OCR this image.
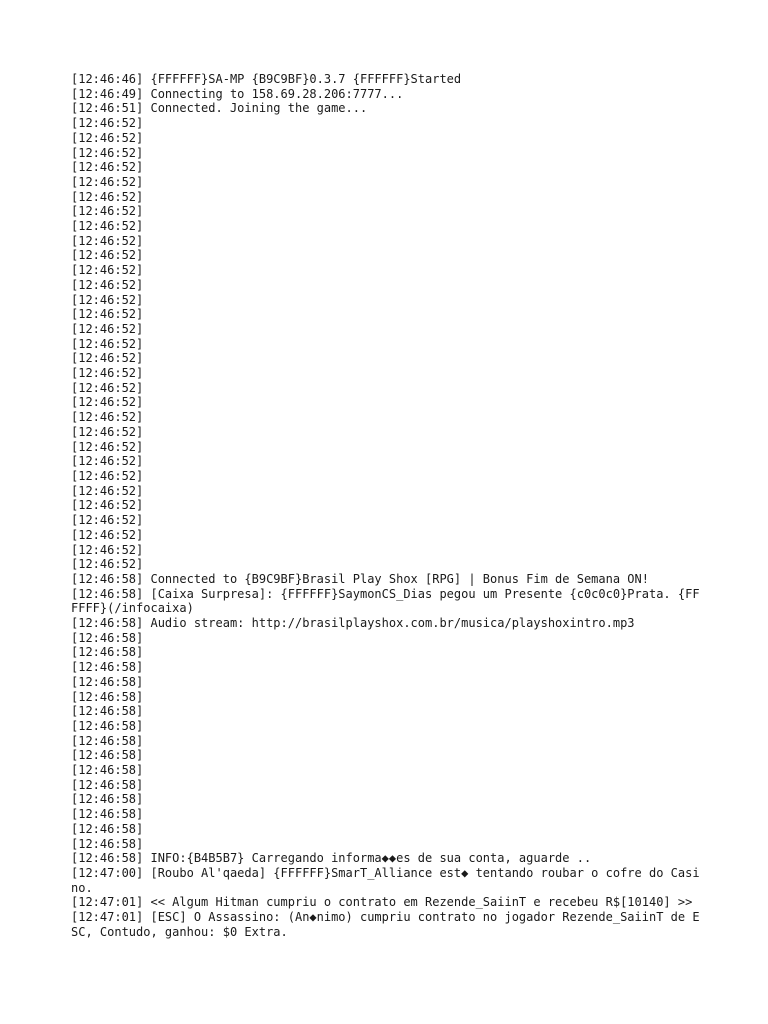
[12:46:46] {FFFFFF}SA-MP {B9C9BF}0.3.7 {FFFFFF}Started
[12:46:49] Connecting to 158.69.28.206:7777...
[12:46:51] Connected. Joining the game...
[12:46:52]
[12:46:52]
[12:46:52]
[12:46:52]
[12:46:52]
[12:46:52]
[12:46:52]
[12:46:52]
[12:46:52]
[12:46:52]
[12:46:52]
[12:46:52]
[12:46:52]
[12:46:52]
[12:46:52]
[12:46:52]
[12:46:52]
[12:46:52]
[12:46:52]
[12:46:52]
[12:46:52]
[12:46:52]
[12:46:52]
[12:46:52]
[12:46:52]
[12:46:52]
[12:46:52]
[12:46:52]
[12:46:52]
[12:46:52]
[12:46:52]
[12:46:58] Connected to {B9C9BF}Brasil Play Shox [RPG] | Bonus Fim de Semana ON!
[12:46:58] [Caixa Surpresa]: {FFFFFF}SaymonCS_Dias pegou um Presente {c0c0c0}Prata. {FFFFFF}(/infocaixa)
[12:46:58] Audio stream: http://brasilplayshox.com.br/musica/playshoxintro.mp3
[12:46:58]
[12:46:58]
[12:46:58]
[12:46:58]
[12:46:58]
[12:46:58]
[12:46:58]
[12:46:58]
[12:46:58]
[12:46:58]
[12:46:58]
[12:46:58]
[12:46:58]
[12:46:58]
[12:46:58]
[12:46:58] INFO:{B4B5B7} Carregando informa◆◆es de sua conta, aguarde ..
[12:47:00] [Roubo Al'qaeda] {FFFFFF}SmarT_Alliance est◆ tentando roubar o cofre do Casino.
[12:47:01] << Algum Hitman cumpriu o contrato em Rezende_SaiinT e recebeu R$[10140] >>
[12:47:01] [ESC] O Assassino: (An◆nimo) cumpriu contrato no jogador Rezende_SaiinT de ESC, Contudo, ganhou: $0 Extra.
